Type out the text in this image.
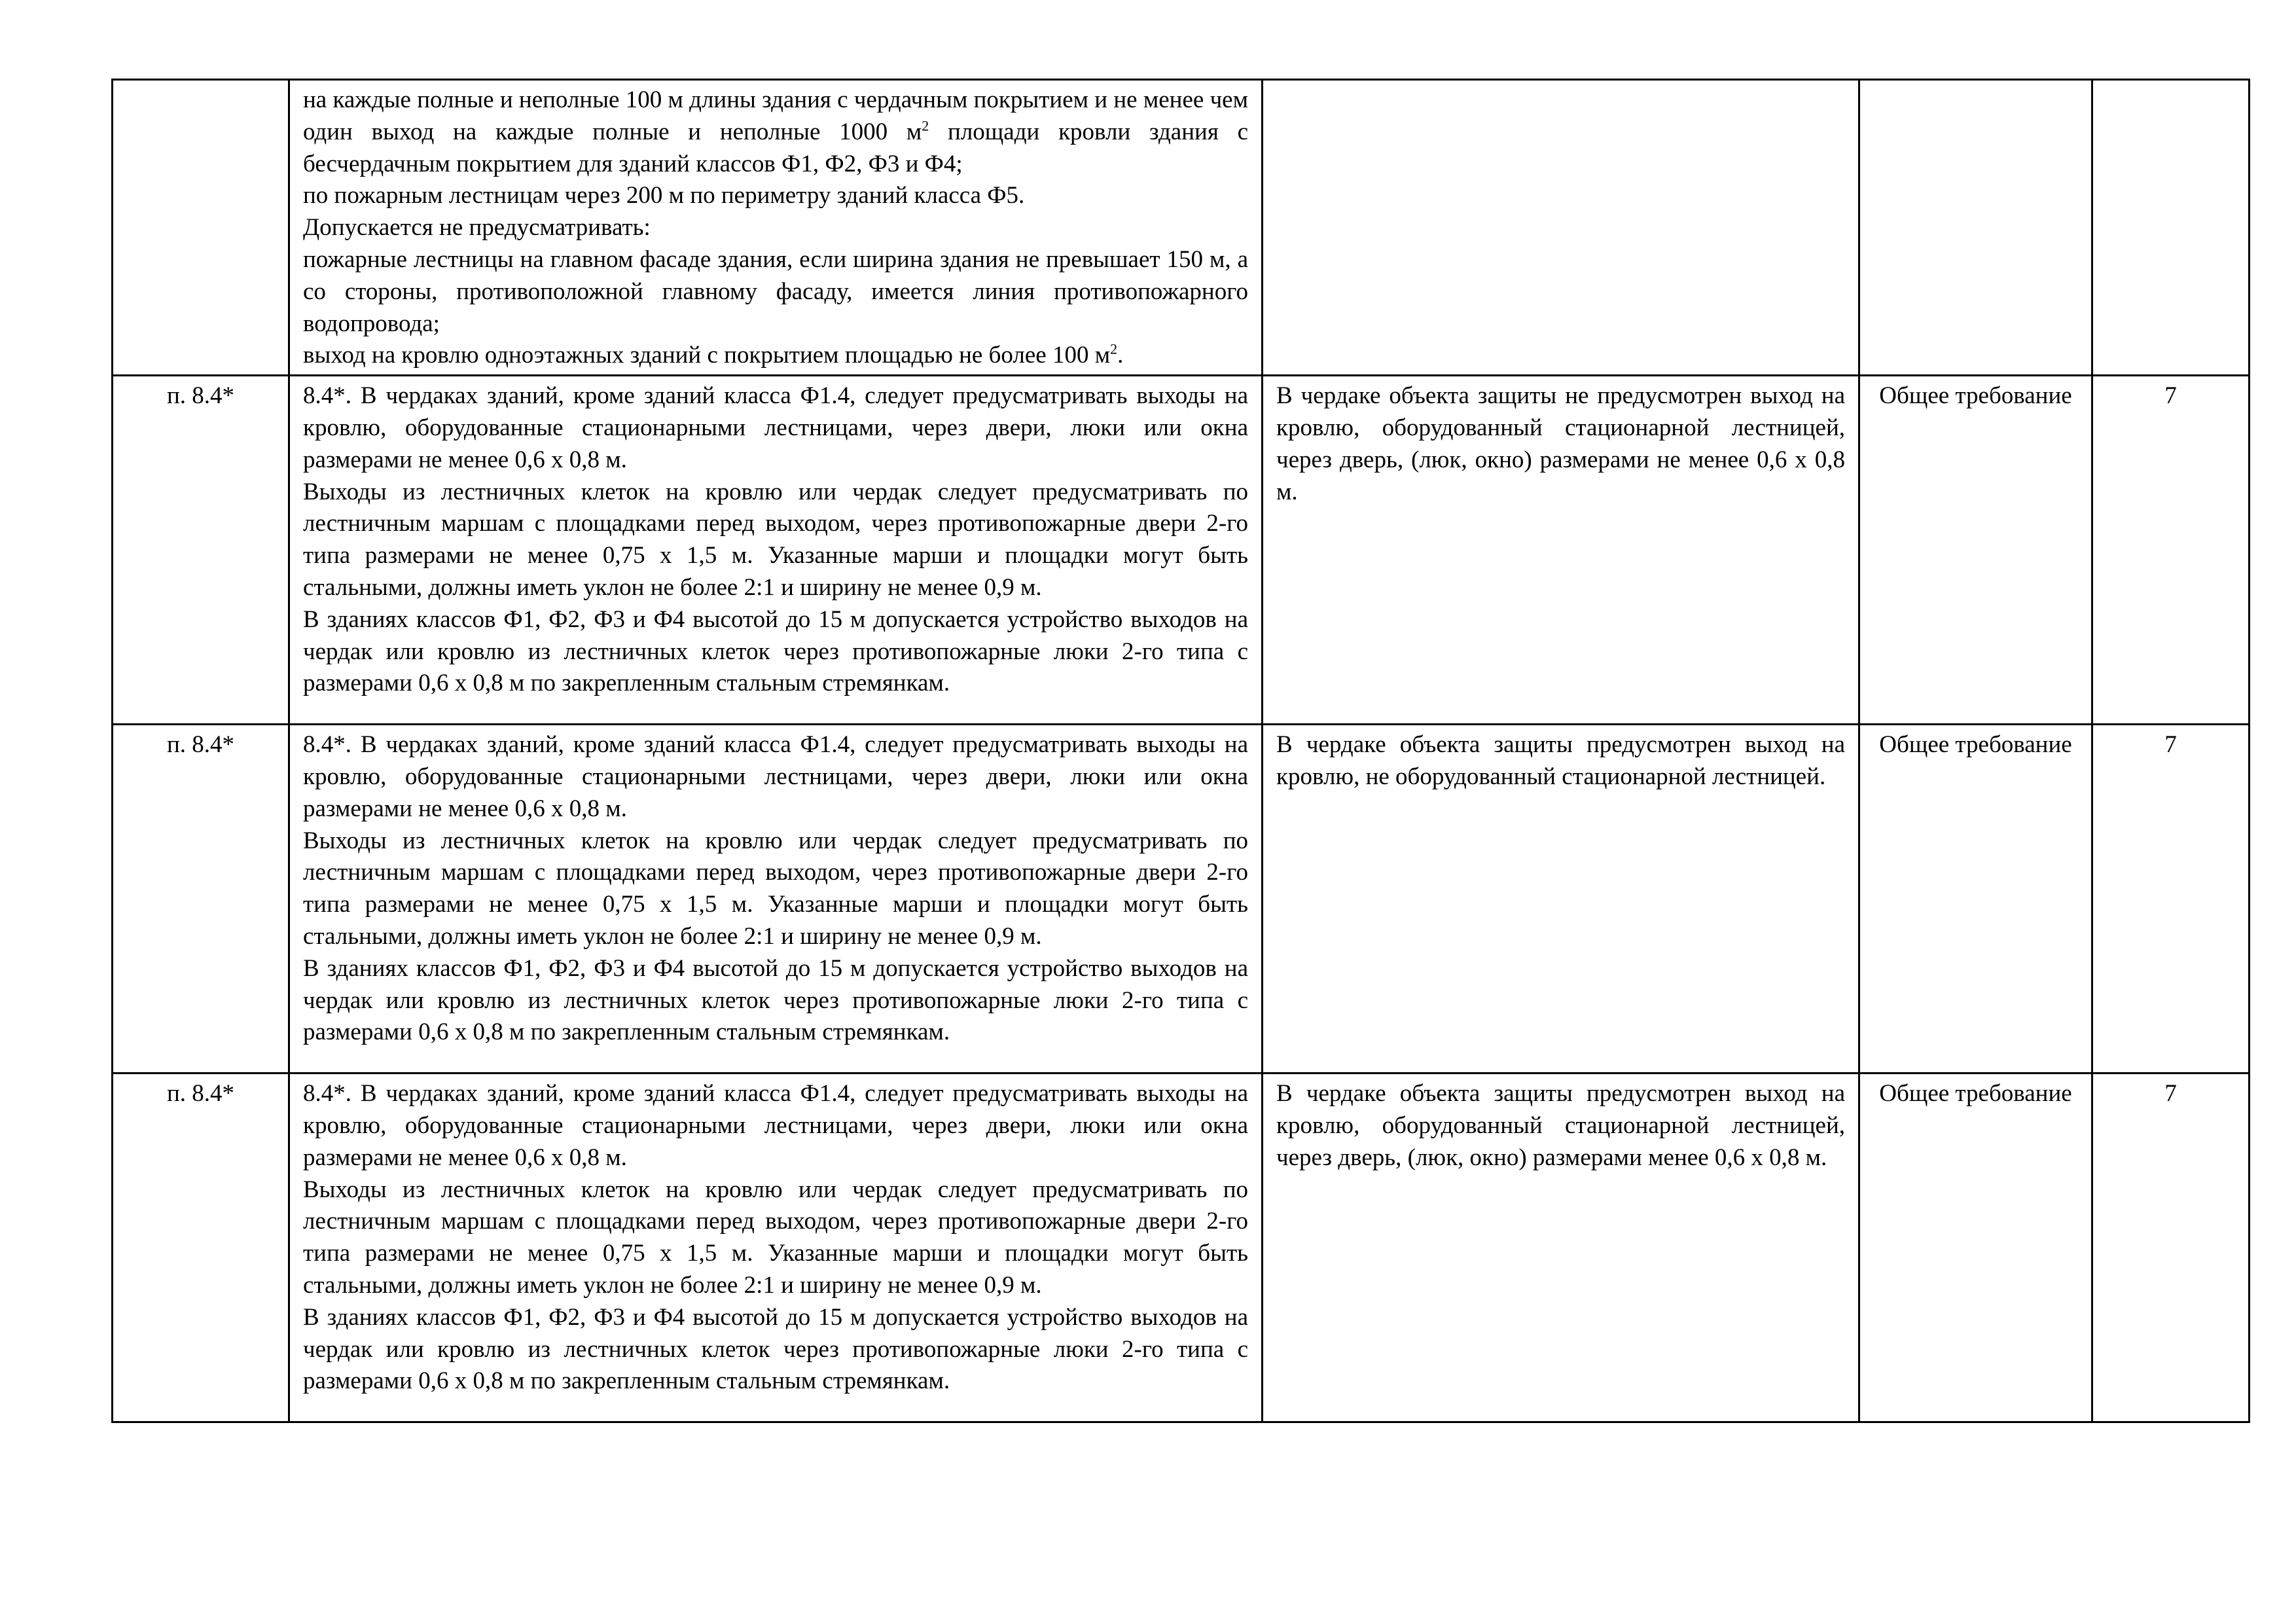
	на каждые полные и неполные 100 м длины здания с чердачным покрытием и не менее чем один выход на каждые полные и неполные 1000 $м^2$ площади кровли здания с бесчердачным покрытием для зданий классов Ф1, Ф2, Ф3 и Ф4;
по пожарным лестницам через 200 м по периметру зданий класса Ф5.
Допускается не предусматривать:
пожарные лестницы на главном фасаде здания, если ширина здания не превышает 150 м, а со стороны, противоположной главному фасаду, имеется линия противопожарного водопровода;
выход на кровлю одноэтажных зданий с покрытием площадью не более 100 $м^2$.			

п. 8.4*	8.4*. В чердаках зданий, кроме зданий класса Ф1.4, следует предусматривать выходы на кровлю, оборудованные стационарными лестницами, через двери, люки или окна размерами не менее 0,6 x 0,8 м.
Выходы из лестничных клеток на кровлю или чердак следует предусматривать по лестничным маршам с площадками перед выходом, через противопожарные двери 2-го типа размерами не менее 0,75 x 1,5 м. Указанные марши и площадки могут быть стальными, должны иметь уклон не более 2:1 и ширину не менее 0,9 м.
В зданиях классов Ф1, Ф2, Ф3 и Ф4 высотой до 15 м допускается устройство выходов на чердак или кровлю из лестничных клеток через противопожарные люки 2-го типа с размерами 0,6 x 0,8 м по закрепленным стальным стремянкам.	В чердаке объекта защиты не предусмотрен выход на кровлю, оборудованный стационарной лестницей, через дверь, (люк, окно) размерами не менее 0,6 х 0,8 м.	Общее требование	7
п. 8.4*	8.4*. В чердаках зданий, кроме зданий класса Ф1.4, следует предусматривать выходы на кровлю, оборудованные стационарными лестницами, через двери, люки или окна размерами не менее 0,6 x 0,8 м.
Выходы из лестничных клеток на кровлю или чердак следует предусматривать по лестничным маршам с площадками перед выходом, через противопожарные двери 2-го типа размерами не менее 0,75 x 1,5 м. Указанные марши и площадки могут быть стальными, должны иметь уклон не более 2:1 и ширину не менее 0,9 м.
В зданиях классов Ф1, Ф2, Ф3 и Ф4 высотой до 15 м допускается устройство выходов на чердак или кровлю из лестничных клеток через противопожарные люки 2-го типа с размерами 0,6 x 0,8 м по закрепленным стальным стремянкам.	В чердаке объекта защиты предусмотрен выход на кровлю, не оборудованный стационарной лестницей.	Общее требование	7
п. 8.4*	8.4*. В чердаках зданий, кроме зданий класса Ф1.4, следует предусматривать выходы на кровлю, оборудованные стационарными лестницами, через двери, люки или окна размерами не менее 0,6 x 0,8 м.
Выходы из лестничных клеток на кровлю или чердак следует предусматривать по лестничным маршам с площадками перед выходом, через противопожарные двери 2-го типа размерами не менее 0,75 x 1,5 м. Указанные марши и площадки могут быть стальными, должны иметь уклон не более 2:1 и ширину не менее 0,9 м.
В зданиях классов Ф1, Ф2, Ф3 и Ф4 высотой до 15 м допускается устройство выходов на чердак или кровлю из лестничных клеток через противопожарные люки 2-го типа с размерами 0,6 x 0,8 м по закрепленным стальным стремянкам.	В чердаке объекта защиты предусмотрен выход на кровлю, оборудованный стационарной лестницей, через дверь, (люк, окно) размерами менее 0,6 х 0,8 м.	Общее требование	7
